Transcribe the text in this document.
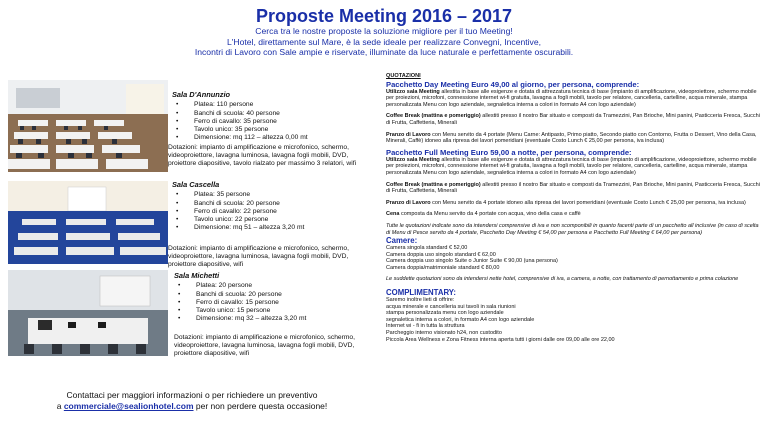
Proposte Meeting 2016 – 2017
Cerca tra le nostre proposte la soluzione migliore per il tuo Meeting!
L'Hotel, direttamente sul Mare, è la sede ideale per realizzare Convegni, Incentive,
Incontri di Lavoro con Sale ampie e riservate, illuminate da luce naturale e perfettamente oscurabili.
Sala D'Annunzio
• Platea: 110 persone
• Banchi di scuola: 40 persone
• Ferro di cavallo: 35 persone
• Tavolo unico: 35 persone
• Dimensione: mq 112 – altezza 0,00 mt
Dotazioni: impianto di amplificazione e microfonico, schermo, videoproiettore, lavagna luminosa, lavagna fogli mobili, DVD, proiettore diapositive, tavolo rialzato per massimo 3 relatori, wifi
Sala Cascella
• Platea: 35 persone
• Banchi di scuola: 20 persone
• Ferro di cavallo: 22 persone
• Tavolo unico: 22 persone
• Dimensione: mq 51 – altezza 3,20 mt
Dotazioni: impianto di amplificazione e microfonico, schermo, videoproiettore, lavagna luminosa, lavagna fogli mobili, DVD, proiettore diapositive, wifi
Sala Michetti
• Platea: 20 persone
• Banchi di scuola: 20 persone
• Ferro di cavallo: 15 persone
• Tavolo unico: 15 persone
• Dimensione: mq 32 – altezza 3,20 mt
Dotazioni: impianto di amplificazione e microfonico, schermo, videoproiettore, lavagna luminosa, lavagna fogli mobili, DVD, proiettore diapositive, wifi
Contattaci per maggiori informazioni o per richiedere un preventivo
a commerciale@sealionhotel.com per non perdere questa occasione!
QUOTAZIONI
Pacchetto Day Meeting Euro 49,00 al giorno, per persona, comprende:

Utilizzo sala Meeting allestita in base alle esigenze e dotata di attrezzatura tecnica di base (impianto di amplificazione, videoproiettore, schermo mobile per proiezioni, microfoni, connessione internet wi-fi gratuita, lavagna a fogli mobili, tavolo per relatore, cancelleria, cartelline, acqua minerale, stampa personalizzata Menu con logo aziendale, segnaletica interna a colori in formato A4 con logo aziendale)

Coffee Break (mattina e pomeriggio) allestiti presso il nostro Bar situato e composti da Tramezzini, Pan Brioche, Mini panini, Pasticceria Fresca, Succhi di Frutta, Caffetteria, Minerali

Pranzo di Lavoro con Menu servito da 4 portate (Menu Carne: Antipasto, Primo piatto, Secondo piatto con Contorno, Frutta o Dessert, Vino della Casa, Minerali, Caffè) idoneo alla ripresa dei lavori pomeridiani (eventuale Costo Lunch € 25,00 per persona, iva inclusa)

Pacchetto Full Meeting Euro 59,00 a notte, per persona, comprende:

Utilizzo sala Meeting allestita in base alle esigenze e dotata di attrezzatura tecnica di base (impianto di amplificazione, videoproiettore, schermo mobile per proiezioni, microfoni, connessione internet wi-fi gratuita, lavagna a fogli mobili, tavolo per relatore, cancelleria, cartelline, acqua minerale, stampa personalizzata Menu con logo aziendale, segnaletica interna a colori in formato A4 con logo aziendale)

Coffee Break (mattina e pomeriggio) allestiti presso il nostro Bar situato e composti da Tramezzini, Pan Brioche, Mini panini, Pasticceria Fresca, Succhi di Frutta, Caffetteria, Minerali

Pranzo di Lavoro con Menu servito da 4 portate idoneo alla ripresa dei lavori pomeridiani (eventuale Costo Lunch € 25,00 per persona, iva inclusa)

Cena composta da Menu servito da 4 portate con acqua, vino della casa e caffè

Tutte le quotazioni indicate sono da intendersi comprensive di iva e non scomponibili in quanto facenti parte di un pacchetto all inclusive (in caso di scelta di Menu di Pesce servito da 4 portate, Pacchetto Day Meeting € 54,00 per persona e Pacchetto Full Meeting € 64,00 per persona)

Camere:

Camera singola standard € 52,00

Camera doppia uso singolo standard € 62,00

Camera doppia uso singolo Suite o Junior Suite € 90,00 (una persona)

Camera doppia/matrimoniale standard € 80,00

Le suddette quotazioni sono da intendersi nette hotel, comprensive di iva, a camera, a notte, con trattamento di pernottamento e prima colazione

COMPLIMENTARY:

Saremo inoltre lieti di offrire:

acqua minerale e cancelleria sui tavoli in sala riunioni

stampa personalizzata menu con logo aziendale

segnaletica interna a colori, in formato A4 con logo aziendale

Internet wi - fi in tutta la struttura

Parcheggio interno visionato h24, non custodito

Piccola Area Wellness e Zona Fitness interna aperta tutti i giorni dalle ore 09,00 alle ore 22,00
